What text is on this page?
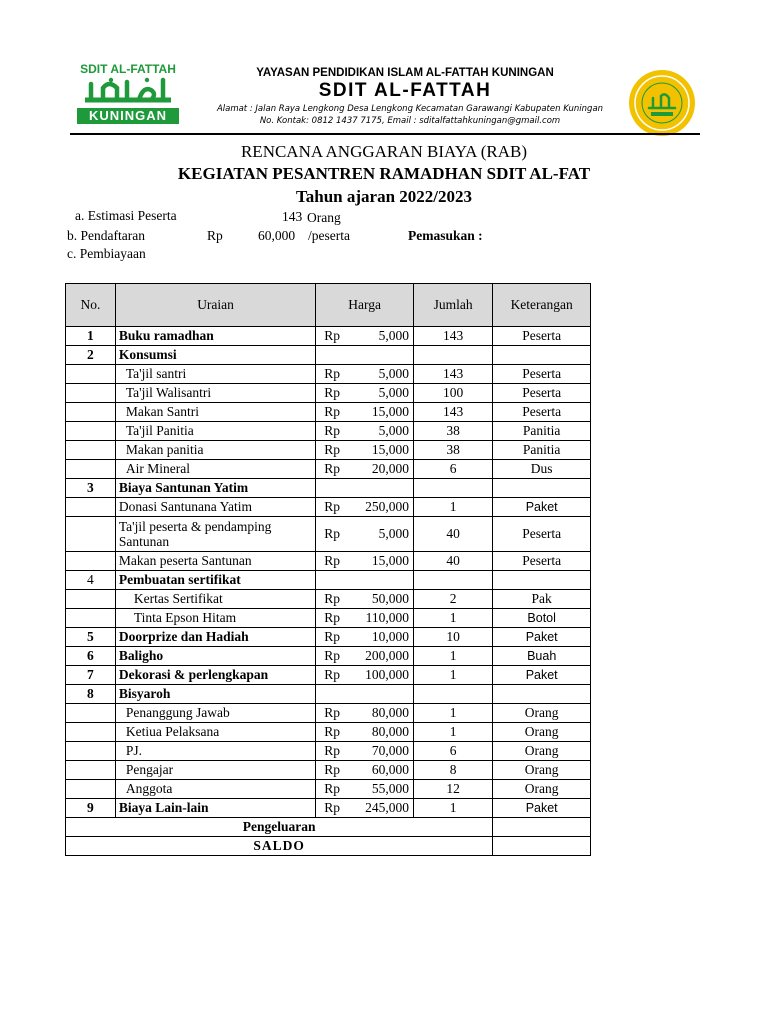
SDIT AL-FATTAH
KUNINGAN
YAYASAN PENDIDIKAN ISLAM AL-FATTAH KUNINGAN
SDIT AL-FATTAH
Alamat : Jalan Raya Lengkong Desa Lengkong Kecamatan Garawangi Kabupaten Kuningan
No. Kontak: 0812 1437 7175, Email : sditalfattahkuningan@gmail.com
RENCANA ANGGARAN BIAYA (RAB)
KEGIATAN PESANTREN RAMADHAN SDIT AL-FAT
Tahun ajaran 2022/2023
a. Estimasi Peserta	143 Orang
b. Pendaftaran	Rp	60,000 /peserta	Pemasukan :
c. Pembiayaan
No.	Uraian	Harga	Jumlah	Keterangan
1	Buku ramadhan	Rp 5,000	143	Peserta
2	Konsumsi	

	Ta'jil santri	Rp 5,000	143	Peserta
	Ta'jil Walisantri	Rp 5,000	100	Peserta
	Makan Santri	Rp 15,000	143	Peserta
	Ta'jil Panitia	Rp 5,000	38	Panitia
	Makan panitia	Rp 15,000	38	Panitia
	Air Mineral	Rp 20,000	6	Dus
3	Biaya Santunan Yatim	

	Donasi Santunana Yatim	Rp 250,000	1	Paket
	Ta'jil peserta & pendamping Santunan	Rp 5,000	40	Peserta
	Makan peserta Santunan	Rp 15,000	40	Peserta
4	Pembuatan sertifikat	

	Kertas Sertifikat	Rp 50,000	2	Pak
	Tinta Epson Hitam	Rp 110,000	1	Botol
5	Doorprize dan Hadiah	Rp 10,000	10	Paket
6	Baligho	Rp 200,000	1	Buah
7	Dekorasi & perlengkapan	Rp 100,000	1	Paket
8	Bisyaroh	

	Penanggung Jawab	Rp 80,000	1	Orang
	Ketiua Pelaksana	Rp 80,000	1	Orang
	PJ.	Rp 70,000	6	Orang
	Pengajar	Rp 60,000	8	Orang
	Anggota	Rp 55,000	12	Orang
9	Biaya Lain-lain	Rp 245,000	1	Paket
Pengeluaran				
SALDO				
